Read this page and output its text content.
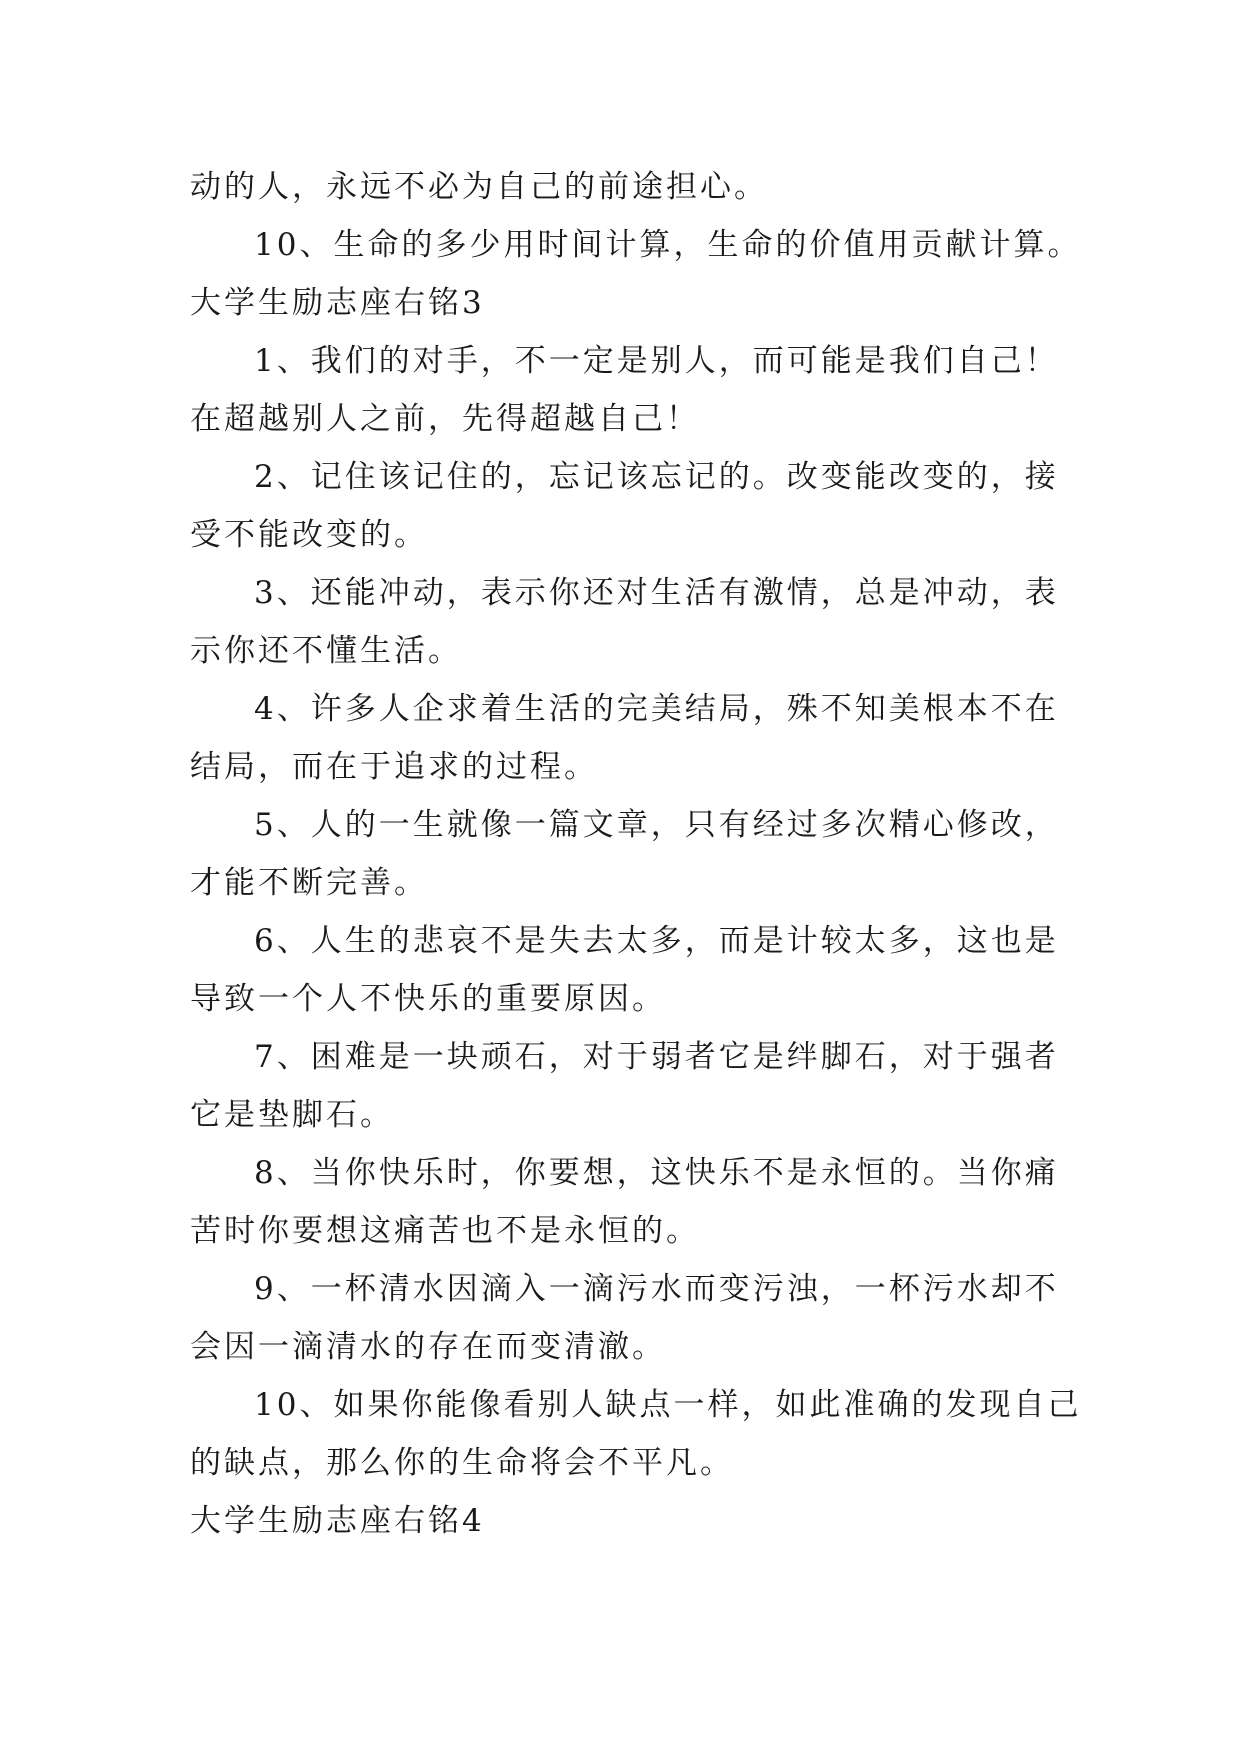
动的人，永远不必为自己的前途担心。
10、生命的多少用时间计算，生命的价值用贡献计算。
大学生励志座右铭3
1、我们的对手，不一定是别人，而可能是我们自己！
在超越别人之前，先得超越自己！
2、记住该记住的，忘记该忘记的。改变能改变的，接
受不能改变的。
3、还能冲动，表示你还对生活有激情，总是冲动，表
示你还不懂生活。
4、许多人企求着生活的完美结局，殊不知美根本不在
结局，而在于追求的过程。
5、人的一生就像一篇文章，只有经过多次精心修改，
才能不断完善。
6、人生的悲哀不是失去太多，而是计较太多，这也是
导致一个人不快乐的重要原因。
7、困难是一块顽石，对于弱者它是绊脚石，对于强者
它是垫脚石。
8、当你快乐时，你要想，这快乐不是永恒的。当你痛
苦时你要想这痛苦也不是永恒的。
9、一杯清水因滴入一滴污水而变污浊，一杯污水却不
会因一滴清水的存在而变清澈。
10、如果你能像看别人缺点一样，如此准确的发现自己
的缺点，那么你的生命将会不平凡。
大学生励志座右铭4
